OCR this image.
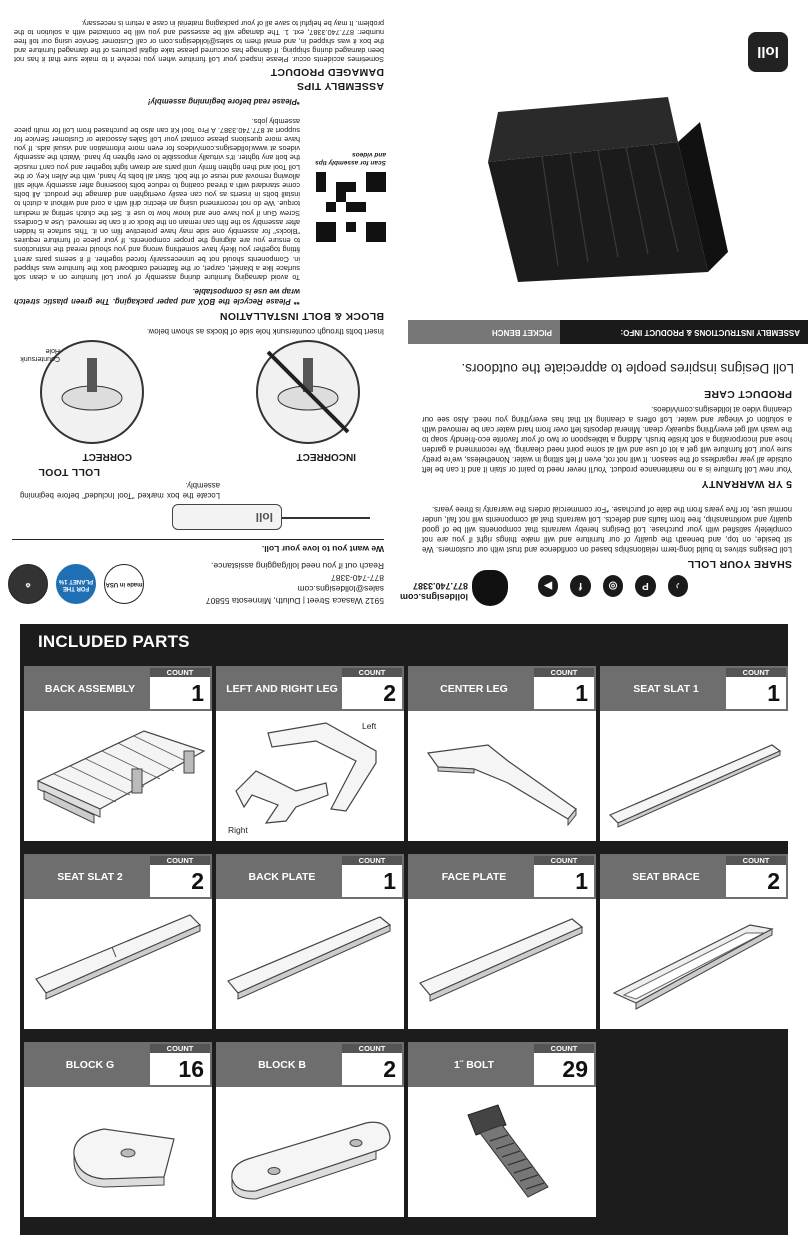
lolldesigns.com
877.740.3387	♪
P
◎
f
▶
SHARE YOUR LOLL
Loll Designs strives to build long-term relationships based on confidence and trust with our customers. We sit beside, on top, and beneath the quality of our furniture and will make things right if you are not completely satisfied with your purchase. Loll Designs hereby warrants that components will be of good quality and workmanship, free from faults and defects. Loll warrants that all components will not fail, under normal use, for five years from the date of purchase. *For commercial orders the warranty is three years.
5 YR WARRANTY
Your new Loll furniture is a no maintenance product. You'll never need to paint or stain it and it can be left outside all year regardless of the season. It will not rot, even if left sitting in water. Nonetheless, we're pretty sure your Loll furniture will get a lot of use and will at some point need cleaning. We recommend a garden hose and incorporating a soft bristle brush. Adding a tablespoon or two of your favorite eco-friendly soap to the wash will get everything squeaky clean. Mineral deposits left over from hard water can be removed with a solution of vinegar and water. Loll offers a cleaning kit that has everything you need. Also see our cleaning video at lolldesigns.com/videos.
PRODUCT CARE
Loll Designs inspires people to appreciate the outdoors.
ASSEMBLY INSTRUCTIONS & PRODUCT INFO:
PICKET BENCH
loll
5912 Wasaca Street | Duluth, Minnesota 55807
sales@lolldesigns.com
877-740-3387
Reach out if you need loll/gagging assistance.
We want you to love your Loll.
made in USA
FOR THE PLANET 1%
♻
loll
Locate the box marked "Tool Included" before beginning assembly.
LOLL TOOL
INCORRECT
CORRECT
Countersunk Hole
Insert bolts through countersunk hole side of blocks as shown below.
BLOCK & BOLT INSTALLATION
** Please Recycle the BOX and paper packaging. The green plastic stretch wrap we use is compostable.
To avoid damaging furniture during assembly of your Loll furniture on a clean soft surface like a blanket, carpet, or the flattened cardboard box the furniture was shipped in. Components should not be unnecessarily forced together. If it seems parts aren't fitting together you likely have something wrong and you should reread the instructions to ensure you are aligning the proper components. If your piece of furniture requires "Blocks" for assembly one side may have protective film on it. This surface is hidden after assembly so the film can remain on the block or it can be removed. Use a Cordless Screw Gun if you have one and know how to use it. Set the clutch setting at medium torque. We do not recommend using an electric drill with a cord and without a clutch to install bolts in inserts as you can easily overtighten and damage the product. All bolts come standard with a thread coating to reduce bolts loosening after assembly while still allowing removal and reuse of the bolt. Start all bolts by hand, with the Allen Key, or the Loll Tool and then tighten firmly until parts are drawn tight together and you can't muscle the bolt any tighter. It's virtually impossible to over tighten by hand. Watch the assembly videos at www.lolldesigns.com/videos for even more information and visual aids. If you have more questions please contact your Loll Sales Associate or Customer Service for support at 877.740.3387. A Pro Tool Kit can also be purchased from Loll for multi piece assembly jobs.
*Please read before beginning assembly!
ASSEMBLY TIPS
Scan for assembly tips and videos
DAMAGED PRODUCT
Sometimes accidents occur. Please inspect your Loll furniture when you receive it to make sure that it has not been damaged during shipping. If damage has occurred please take digital pictures of the damaged furniture and the box it was shipped in, and email them to sales@lolldesigns.com or call Customer Service using our toll free number: 877.740.3387, ext. 1. The damage will be assessed and you will be contacted with a solution to the problem. It may be helpful to save all of your packaging material in case a return is necessary.
INCLUDED PARTS
BACK ASSEMBLY
COUNT
1	LEFT AND RIGHT LEG
COUNT
2
Left
Right
CENTER LEG
COUNT
1	SEAT SLAT 1
COUNT
1
SEAT SLAT 2
COUNT
2	BACK PLATE
COUNT
1	FACE PLATE
COUNT
1	SEAT BRACE
COUNT
2
BLOCK G
COUNT
16	BLOCK B
COUNT
2	1˝ BOLT
COUNT
29
